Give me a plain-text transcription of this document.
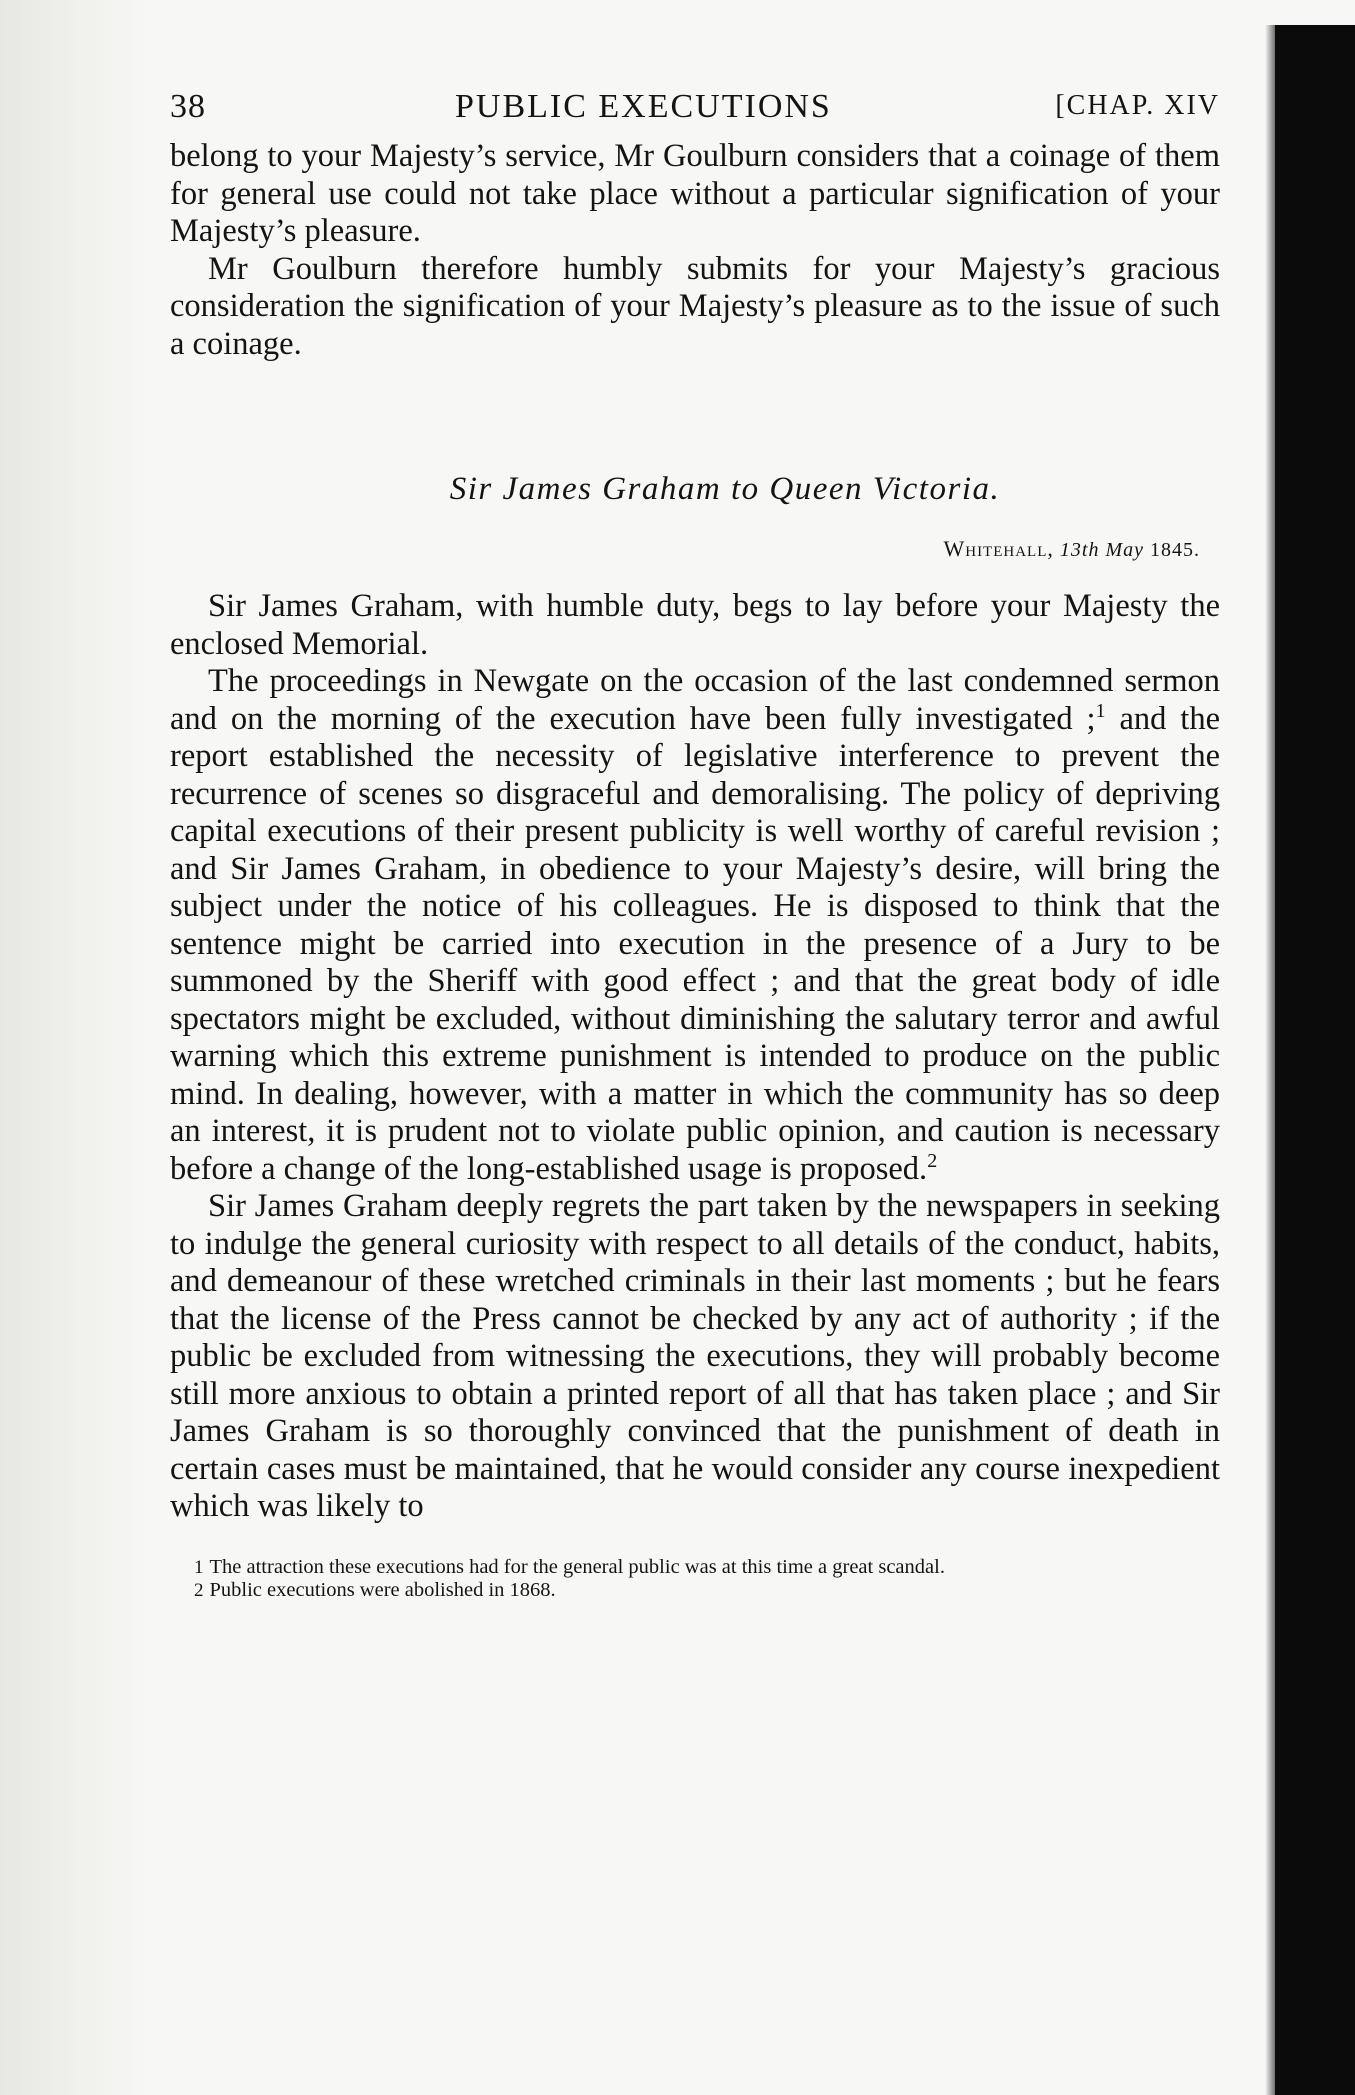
38	PUBLIC EXECUTIONS	[CHAP. XIV

belong to your Majesty’s service, Mr Goulburn considers that a coinage of them for general use could not take place without a particular signification of your Majesty’s pleasure.

Mr Goulburn therefore humbly submits for your Majesty’s gracious consideration the signification of your Majesty’s pleasure as to the issue of such a coinage.

Sir James Graham to Queen Victoria.
Whitehall, 13th May 1845.

Sir James Graham, with humble duty, begs to lay before your Majesty the enclosed Memorial.

The proceedings in Newgate on the occasion of the last condemned sermon and on the morning of the execution have been fully investigated ;$^1$ and the report established the necessity of legislative interference to prevent the recurrence of scenes so disgraceful and demoralising. The policy of depriving capital executions of their present publicity is well worthy of careful revision ; and Sir James Graham, in obedience to your Majesty’s desire, will bring the subject under the notice of his colleagues. He is disposed to think that the sentence might be carried into execution in the presence of a Jury to be summoned by the Sheriff with good effect ; and that the great body of idle spectators might be excluded, without diminishing the salutary terror and awful warning which this extreme punishment is intended to produce on the public mind. In dealing, however, with a matter in which the community has so deep an interest, it is prudent not to violate public opinion, and caution is necessary before a change of the long-established usage is proposed.$^2$

Sir James Graham deeply regrets the part taken by the newspapers in seeking to indulge the general curiosity with respect to all details of the conduct, habits, and demeanour of these wretched criminals in their last moments ; but he fears that the license of the Press cannot be checked by any act of authority ; if the public be excluded from witnessing the executions, they will probably become still more anxious to obtain a printed report of all that has taken place ; and Sir James Graham is so thoroughly convinced that the punishment of death in certain cases must be maintained, that he would consider any course inexpedient which was likely to

1 The attraction these executions had for the general public was at this time a great scandal.

2 Public executions were abolished in 1868.
